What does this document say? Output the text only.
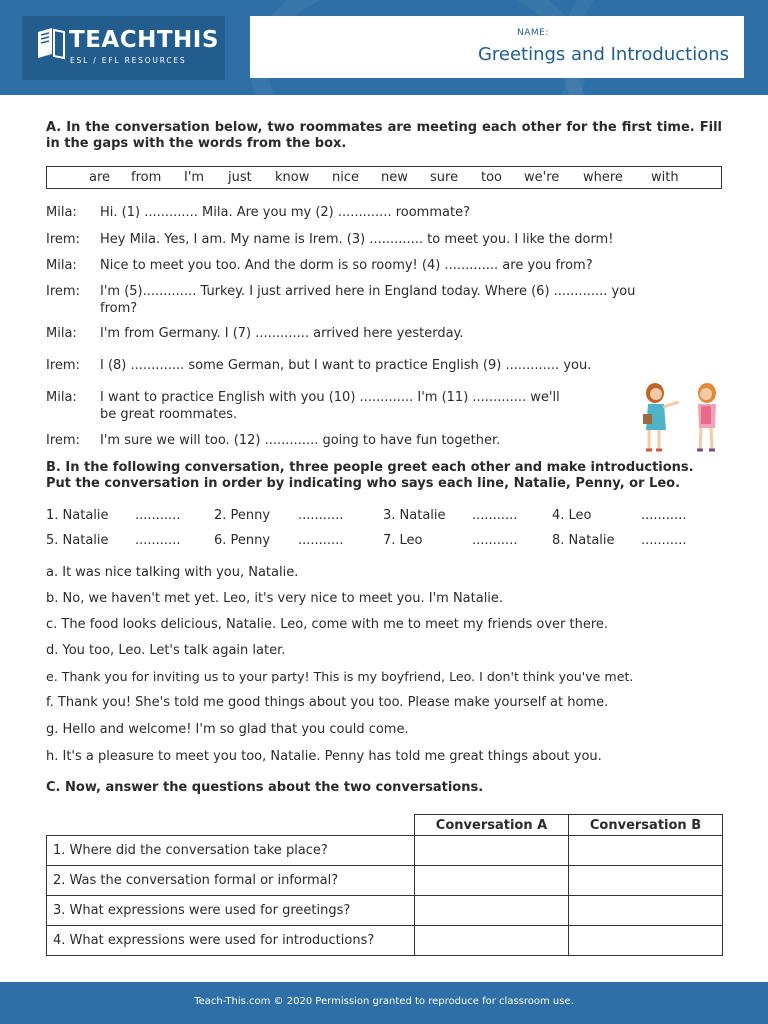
TEACHTHIS
ESL / EFL RESOURCES
NAME:
Greetings and Introductions
A. In the conversation below, two roommates are meeting each other for the first time. Fill in the gaps with the words from the box.
are from I'm just know nice new sure too we're where with
Mila: Hi. (1) ............. Mila. Are you my (2) ............. roommate?
Irem: Hey Mila. Yes, I am. My name is Irem. (3) ............. to meet you. I like the dorm!
Mila: Nice to meet you too. And the dorm is so roomy! (4) ............. are you from?
Irem: I'm (5)............. Turkey. I just arrived here in England today. Where (6) ............. you
from?
Mila: I'm from Germany. I (7) ............. arrived here yesterday.
Irem: I (8) ............. some German, but I want to practice English (9) ............. you.
Mila: I want to practice English with you (10) ............. I'm (11) ............. we'll
be great roommates.
Irem: I'm sure we will too. (12) ............. going to have fun together.
B. In the following conversation, three people greet each other and make introductions.
Put the conversation in order by indicating who says each line, Natalie, Penny, or Leo.
1. Natalie ...........	2. Penny ...........	3. Natalie ...........	4. Leo	...........
5. Natalie ...........	6. Penny ...........	7. Leo	...........	8. Natalie ...........
a. It was nice talking with you, Natalie.
b. No, we haven't met yet. Leo, it's very nice to meet you. I'm Natalie.
c. The food looks delicious, Natalie. Leo, come with me to meet my friends over there.
d. You too, Leo. Let's talk again later.
e. Thank you for inviting us to your party! This is my boyfriend, Leo. I don't think you've met.
f. Thank you! She's told me good things about you too. Please make yourself at home.
g. Hello and welcome! I'm so glad that you could come.
h. It's a pleasure to meet you too, Natalie. Penny has told me great things about you.
C. Now, answer the questions about the two conversations.
	Conversation A	Conversation B
1. Where did the conversation take place?		
2. Was the conversation formal or informal?		
3. What expressions were used for greetings?		
4. What expressions were used for introductions?		
Teach-This.com © 2020 Permission granted to reproduce for classroom use.
